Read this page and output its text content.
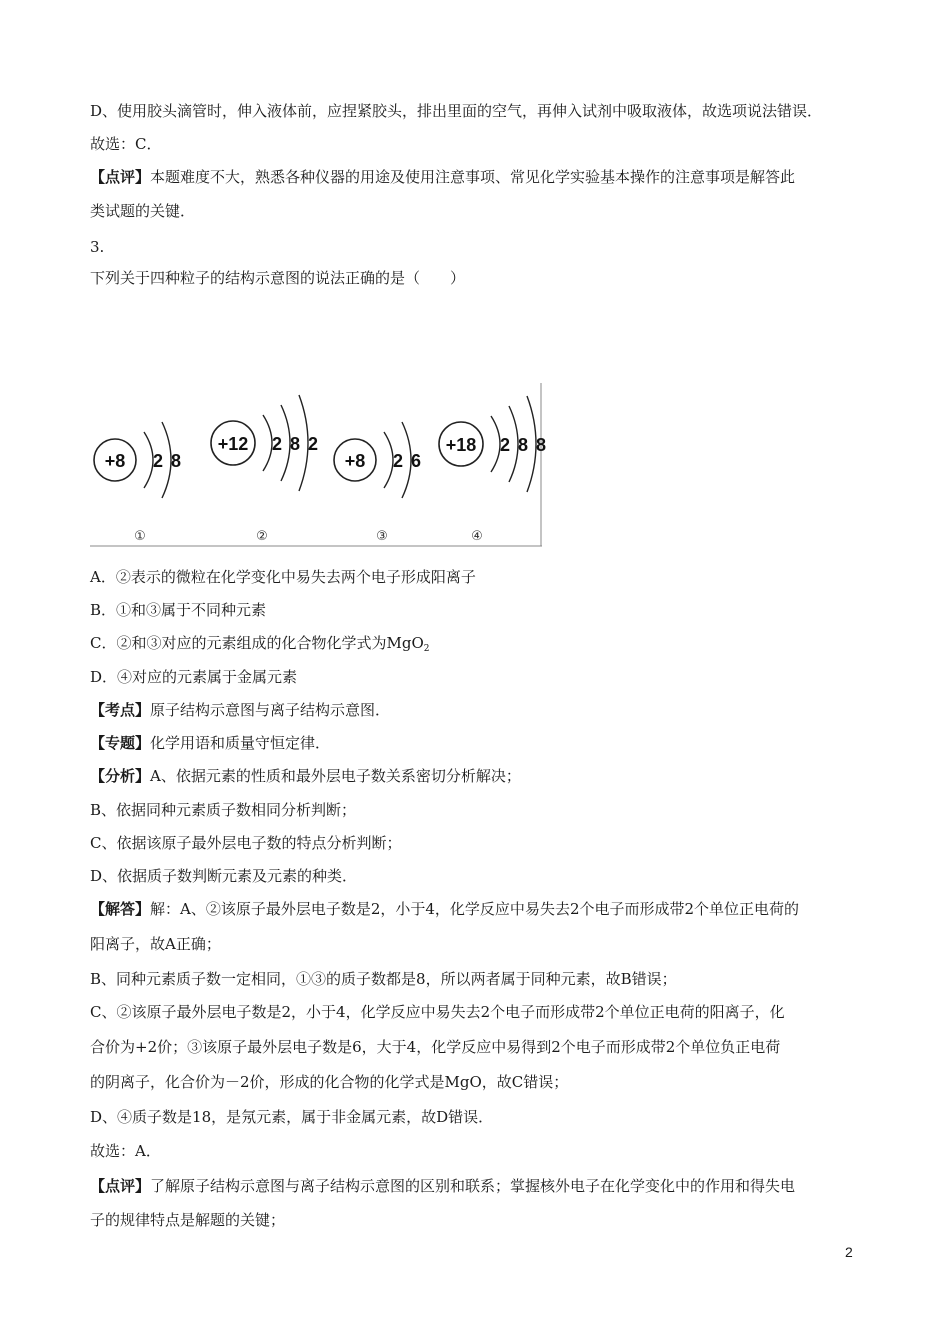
D、使用胶头滴管时，伸入液体前，应捏紧胶头，排出里面的空气，再伸入试剂中吸取液体，故选项说法错误．
故选：C．
【点评】本题难度不大，熟悉各种仪器的用途及使用注意事项、常见化学实验基本操作的注意事项是解答此
类试题的关键．
3.
下列关于四种粒子的结构示意图的说法正确的是（　　）
+8 2 8
①
+12 2 8 2
②
+8 2 6
③
+18 2 8 8
④
A．②表示的微粒在化学变化中易失去两个电子形成阳离子
B．①和③属于不同种元素
C．②和③对应的元素组成的化合物化学式为MgO$_2$
D．④对应的元素属于金属元素
【考点】原子结构示意图与离子结构示意图．
【专题】化学用语和质量守恒定律．
【分析】A、依据元素的性质和最外层电子数关系密切分析解决；
B、依据同种元素质子数相同分析判断；
C、依据该原子最外层电子数的特点分析判断；
D、依据质子数判断元素及元素的种类．
【解答】解：A、②该原子最外层电子数是2，小于4，化学反应中易失去2个电子而形成带2个单位正电荷的
阳离子，故A正确；
B、同种元素质子数一定相同，①③的质子数都是8，所以两者属于同种元素，故B错误；
C、②该原子最外层电子数是2，小于4，化学反应中易失去2个电子而形成带2个单位正电荷的阳离子，化
合价为+2价；③该原子最外层电子数是6，大于4，化学反应中易得到2个电子而形成带2个单位负正电荷
的阴离子，化合价为－2价，形成的化合物的化学式是MgO，故C错误；
D、④质子数是18，是氖元素，属于非金属元素，故D错误．
故选：A．
【点评】了解原子结构示意图与离子结构示意图的区别和联系；掌握核外电子在化学变化中的作用和得失电
子的规律特点是解题的关键；
2
